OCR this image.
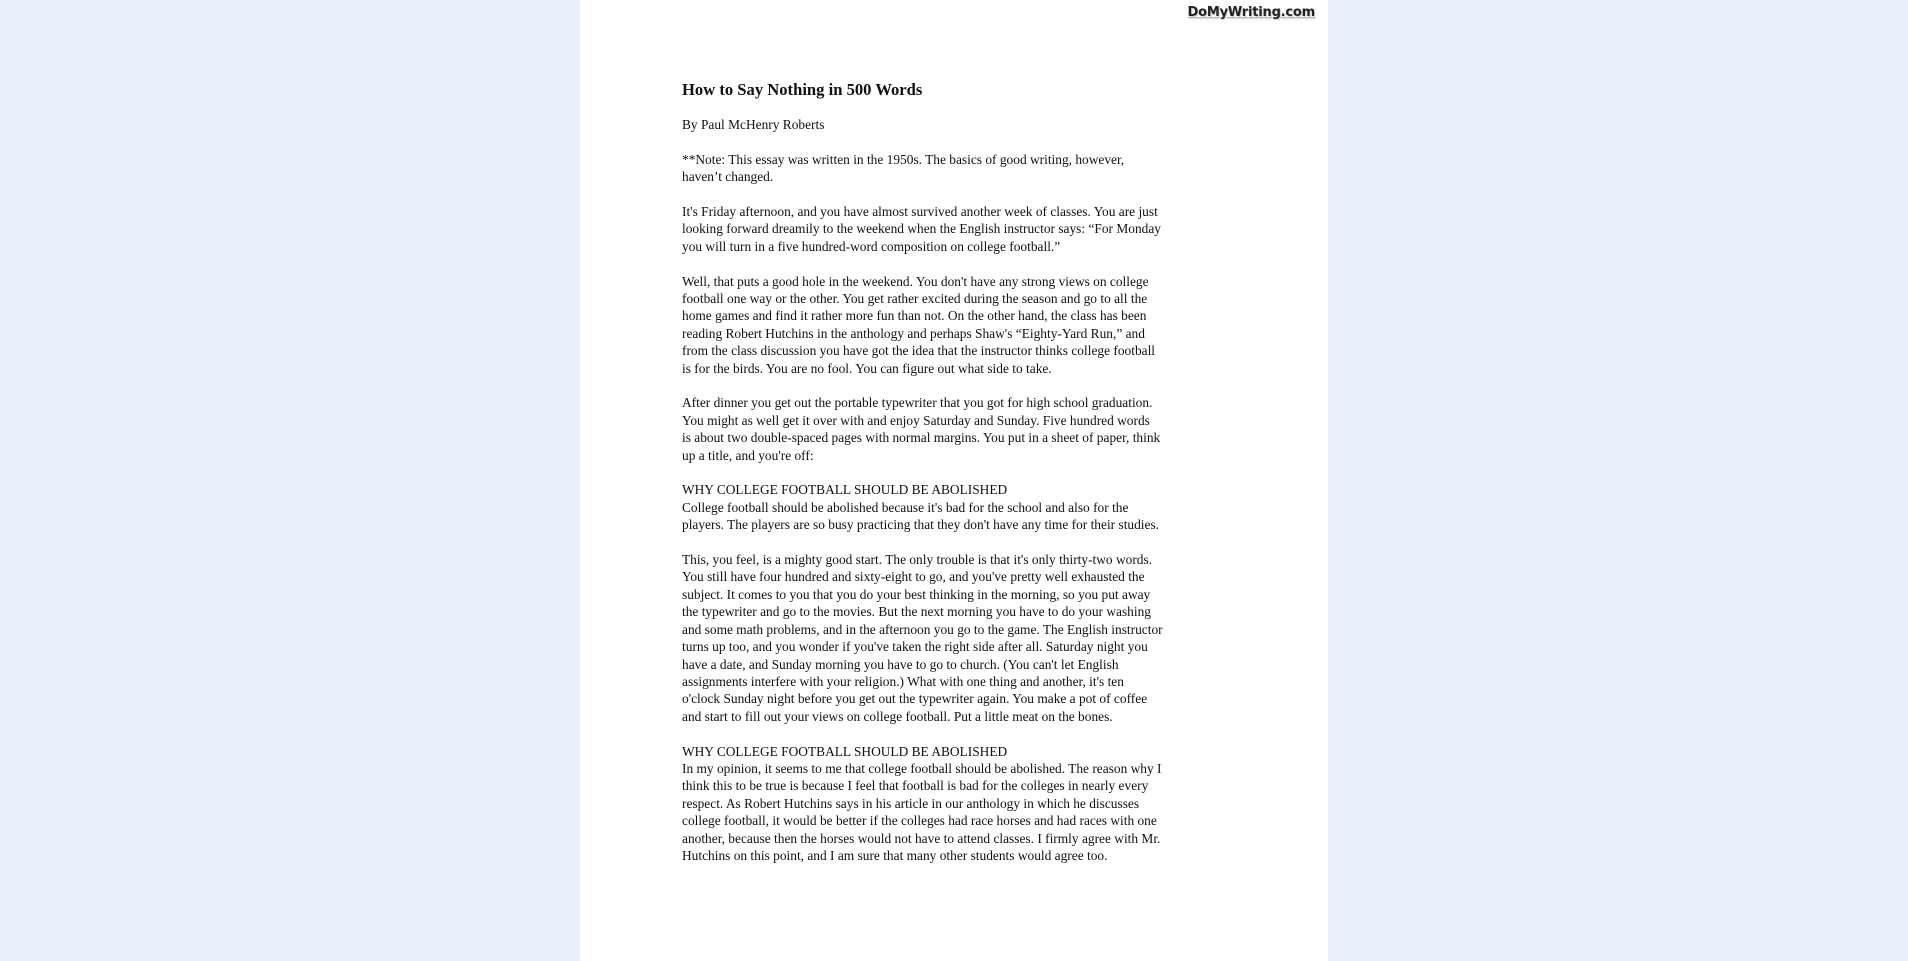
DoMyWriting.com
How to Say Nothing in 500 Words

By Paul McHenry Roberts

**Note: This essay was written in the 1950s. The basics of good writing, however,
haven’t changed.

It's Friday afternoon, and you have almost survived another week of classes. You are just
looking forward dreamily to the weekend when the English instructor says: “For Monday
you will turn in a five hundred-word composition on college football.”

Well, that puts a good hole in the weekend. You don't have any strong views on college
football one way or the other. You get rather excited during the season and go to all the
home games and find it rather more fun than not. On the other hand, the class has been
reading Robert Hutchins in the anthology and perhaps Shaw's “Eighty-Yard Run,” and
from the class discussion you have got the idea that the instructor thinks college football
is for the birds. You are no fool. You can figure out what side to take.

After dinner you get out the portable typewriter that you got for high school graduation.
You might as well get it over with and enjoy Saturday and Sunday. Five hundred words
is about two double-spaced pages with normal margins. You put in a sheet of paper, think
up a title, and you're off:

WHY COLLEGE FOOTBALL SHOULD BE ABOLISHED
College football should be abolished because it's bad for the school and also for the
players. The players are so busy practicing that they don't have any time for their studies.

This, you feel, is a mighty good start. The only trouble is that it's only thirty-two words.
You still have four hundred and sixty-eight to go, and you've pretty well exhausted the
subject. It comes to you that you do your best thinking in the morning, so you put away
the typewriter and go to the movies. But the next morning you have to do your washing
and some math problems, and in the afternoon you go to the game. The English instructor
turns up too, and you wonder if you've taken the right side after all. Saturday night you
have a date, and Sunday morning you have to go to church. (You can't let English
assignments interfere with your religion.) What with one thing and another, it's ten
o'clock Sunday night before you get out the typewriter again. You make a pot of coffee
and start to fill out your views on college football. Put a little meat on the bones.

WHY COLLEGE FOOTBALL SHOULD BE ABOLISHED
In my opinion, it seems to me that college football should be abolished. The reason why I
think this to be true is because I feel that football is bad for the colleges in nearly every
respect. As Robert Hutchins says in his article in our anthology in which he discusses
college football, it would be better if the colleges had race horses and had races with one
another, because then the horses would not have to attend classes. I firmly agree with Mr.
Hutchins on this point, and I am sure that many other students would agree too.
